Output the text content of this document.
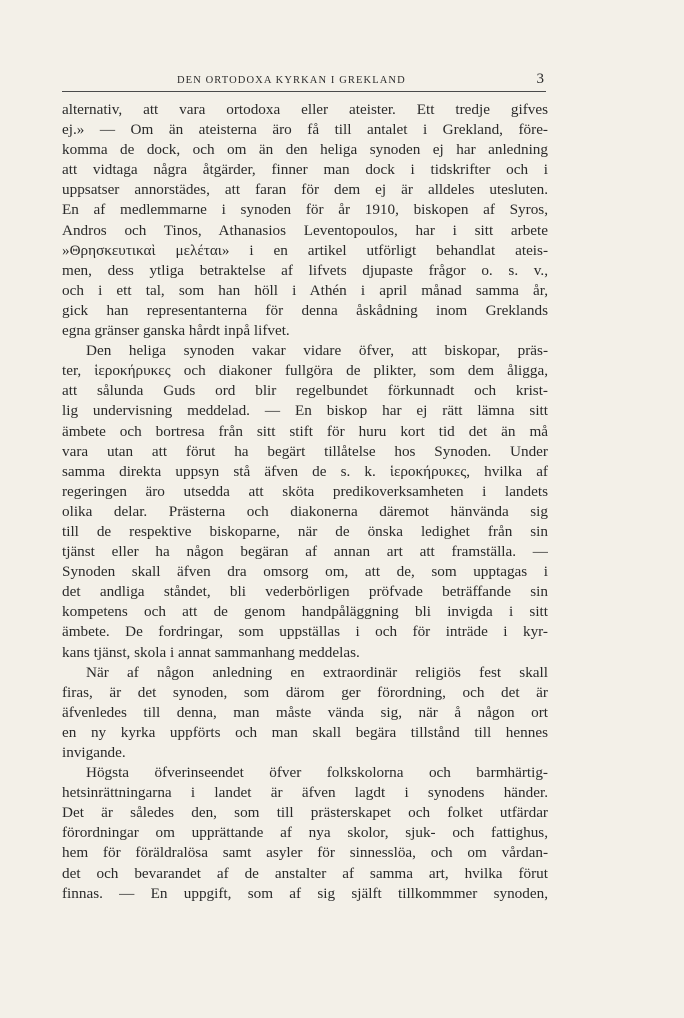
DEN ORTODOXA KYRKAN I GREKLAND	3
alternativ, att vara ortodoxa eller ateister. Ett tredje gifves
ej.» — Om än ateisterna äro få till antalet i Grekland, före-
komma de dock, och om än den heliga synoden ej har anledning
att vidtaga några åtgärder, finner man dock i tidskrifter och i
uppsatser annorstädes, att faran för dem ej är alldeles utesluten.
En af medlemmarne i synoden för år 1910, biskopen af Syros,
Andros och Tinos, Athanasios Leventopoulos, har i sitt arbete
»Θρησκευτικαὶ μελέται» i en artikel utförligt behandlat ateis-
men, dess ytliga betraktelse af lifvets djupaste frågor o. s. v.,
och i ett tal, som han höll i Athén i april månad samma år,
gick han representanterna för denna åskådning inom Greklands
egna gränser ganska hårdt inpå lifvet.
Den heliga synoden vakar vidare öfver, att biskopar, präs-
ter, ἱεροκήρυκες och diakoner fullgöra de plikter, som dem åligga,
att sålunda Guds ord blir regelbundet förkunnadt och krist-
lig undervisning meddelad. — En biskop har ej rätt lämna sitt
ämbete och bortresa från sitt stift för huru kort tid det än må
vara utan att förut ha begärt tillåtelse hos Synoden. Under
samma direkta uppsyn stå äfven de s. k. ἱεροκήρυκες, hvilka af
regeringen äro utsedda att sköta predikoverksamheten i landets
olika delar. Prästerna och diakonerna däremot hänvända sig
till de respektive biskoparne, när de önska ledighet från sin
tjänst eller ha någon begäran af annan art att framställa. —
Synoden skall äfven dra omsorg om, att de, som upptagas i
det andliga ståndet, bli vederbörligen pröfvade beträffande sin
kompetens och att de genom handpåläggning bli invigda i sitt
ämbete. De fordringar, som uppställas i och för inträde i kyr-
kans tjänst, skola i annat sammanhang meddelas.
När af någon anledning en extraordinär religiös fest skall
firas, är det synoden, som därom ger förordning, och det är
äfvenledes till denna, man måste vända sig, när å någon ort
en ny kyrka uppförts och man skall begära tillstånd till hennes
invigande.
Högsta öfverinseendet öfver folkskolorna och barmhärtig-
hetsinrättningarna i landet är äfven lagdt i synodens händer.
Det är således den, som till prästerskapet och folket utfärdar
förordningar om upprättande af nya skolor, sjuk- och fattighus,
hem för föräldralösa samt asyler för sinnesslöa, och om vårdan-
det och bevarandet af de anstalter af samma art, hvilka förut
finnas. — En uppgift, som af sig själft tillkommmer synoden,
